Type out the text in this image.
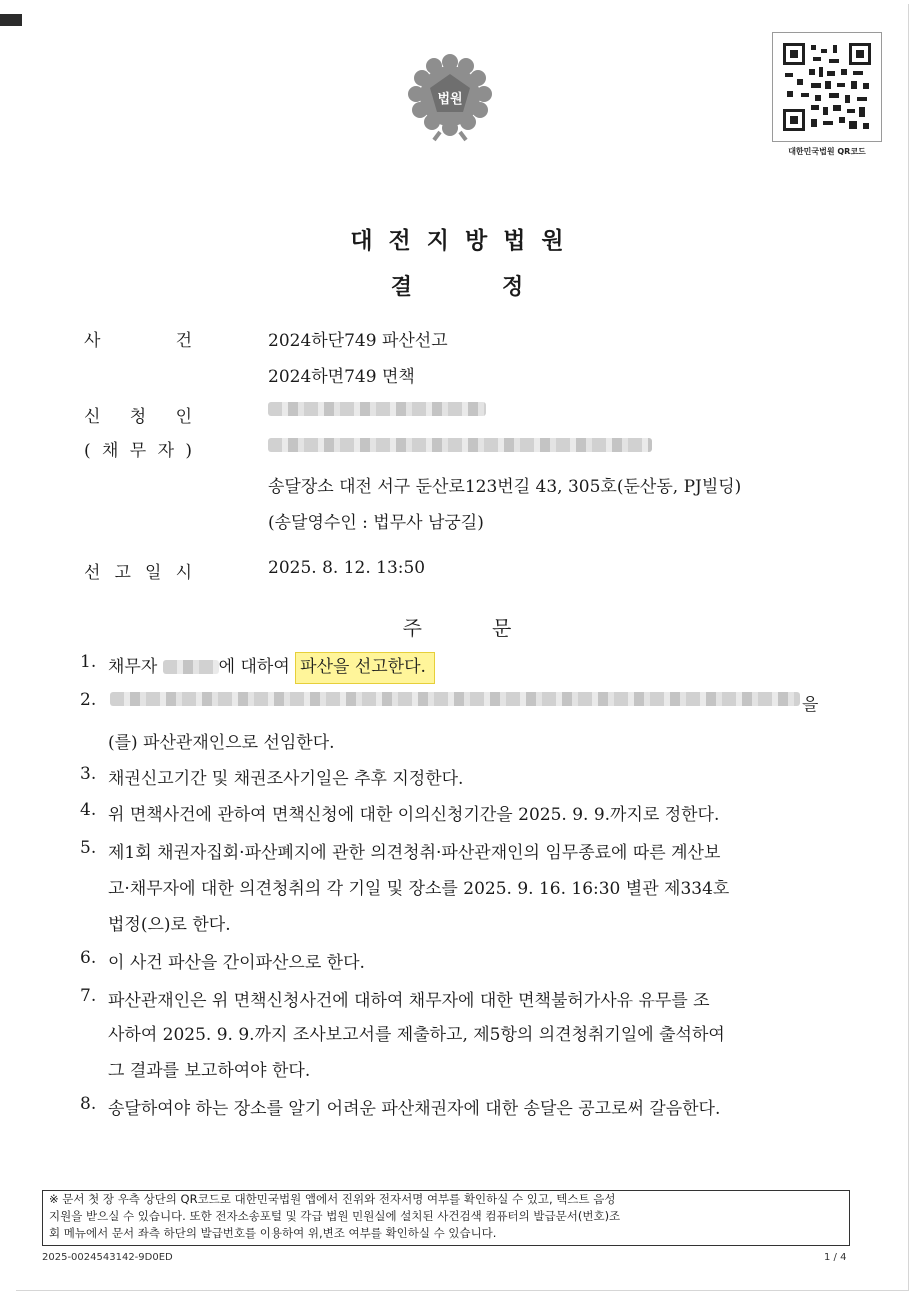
법원
대한민국법원 QR코드
대전지방법원
결정
사 건	2024하단749 파산선고
2024하면749 면책
신 청 인
( 채 무 자 )
송달장소 대전 서구 둔산로123번길 43, 305호(둔산동, PJ빌딩)
(송달영수인 : 법무사 남궁길)
선 고 일 시	2025. 8. 12. 13:50
주문
1. 채무자	에 대하여 파산을 선고한다.
2.	을
(를) 파산관재인으로 선임한다.
3. 채권신고기간 및 채권조사기일은 추후 지정한다.
4. 위 면책사건에 관하여 면책신청에 대한 이의신청기간을 2025. 9. 9.까지로 정한다.
5. 제1회 채권자집회·파산폐지에 관한 의견청취·파산관재인의 임무종료에 따른 계산보
고·채무자에 대한 의견청취의 각 기일 및 장소를 2025. 9. 16. 16:30 별관 제334호
법정(으)로 한다.
6. 이 사건 파산을 간이파산으로 한다.
7. 파산관재인은 위 면책신청사건에 대하여 채무자에 대한 면책불허가사유 유무를 조
사하여 2025. 9. 9.까지 조사보고서를 제출하고, 제5항의 의견청취기일에 출석하여
그 결과를 보고하여야 한다.
8. 송달하여야 하는 장소를 알기 어려운 파산채권자에 대한 송달은 공고로써 갈음한다.
※ 문서 첫 장 우측 상단의 QR코드로 대한민국법원 앱에서 진위와 전자서명 여부를 확인하실 수 있고, 텍스트 음성
지원을 받으실 수 있습니다. 또한 전자소송포털 및 각급 법원 민원실에 설치된 사건검색 컴퓨터의 발급문서(번호)조
회 메뉴에서 문서 좌측 하단의 발급번호를 이용하여 위,변조 여부를 확인하실 수 있습니다.
2025-0024543142-9D0ED	1 / 4
